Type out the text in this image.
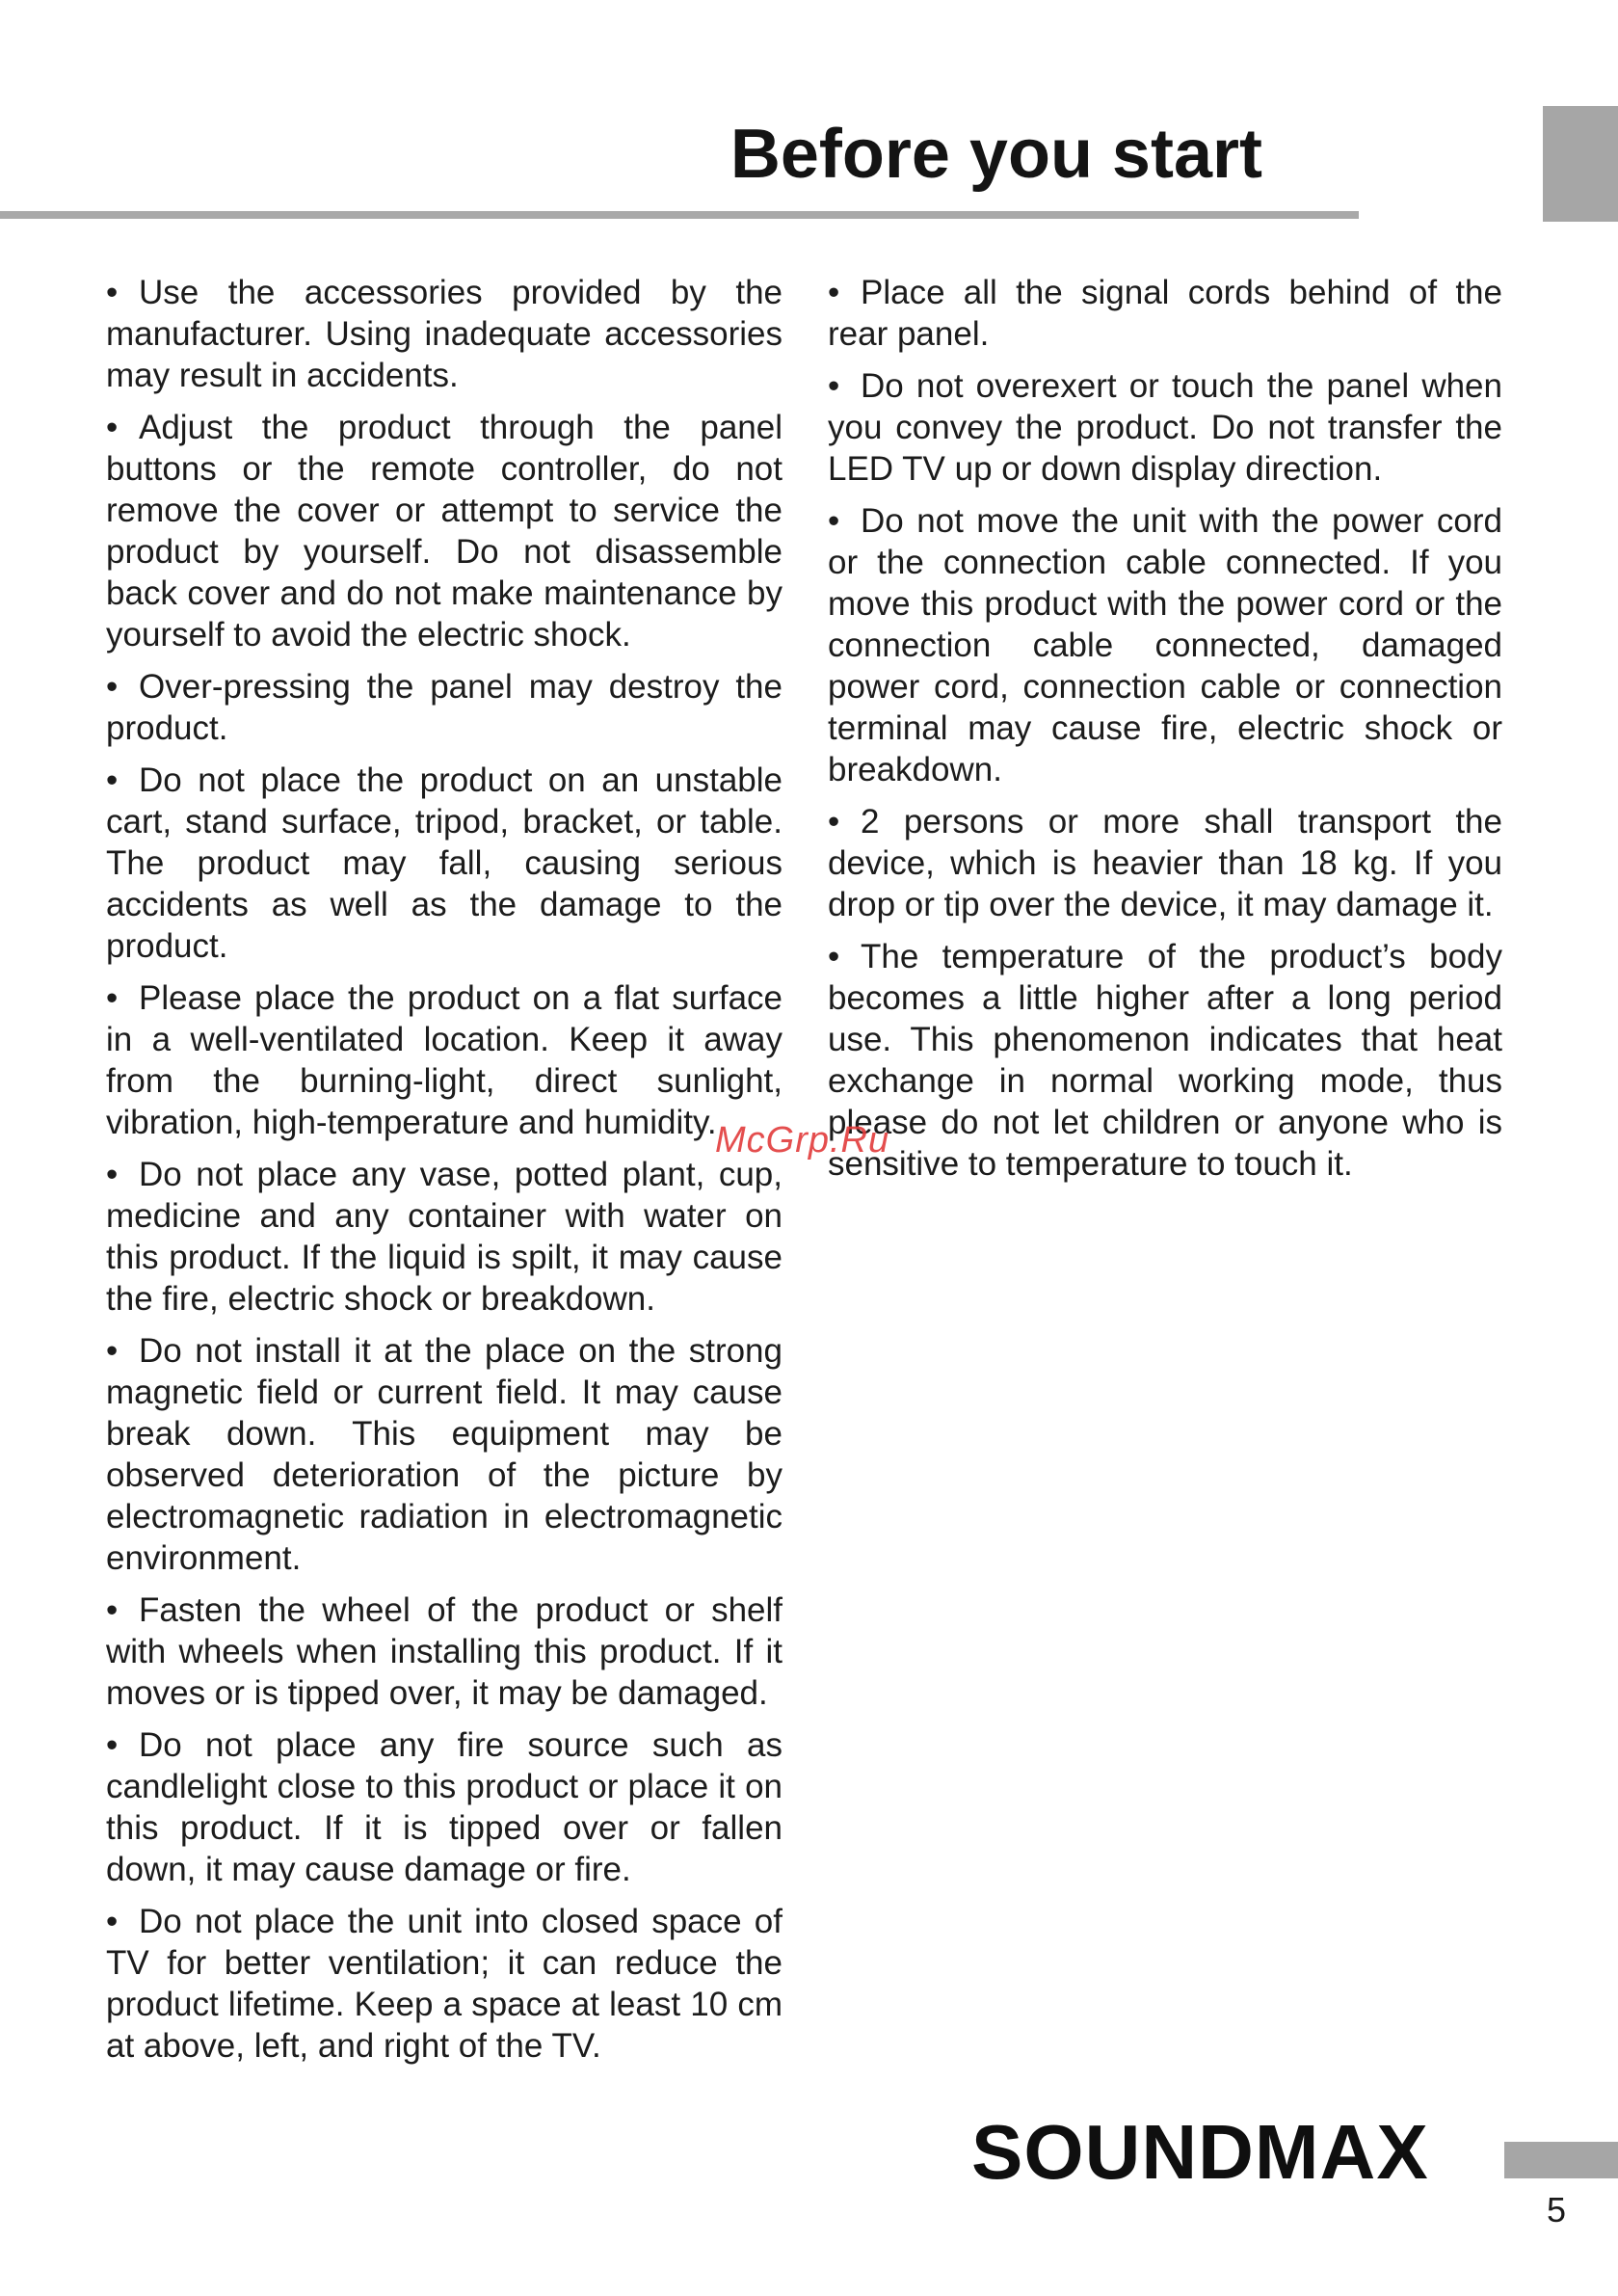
Before you start

• Use the accessories provided by the manufacturer. Using inadequate accessories may result in accidents.

• Adjust the product through the panel buttons or the remote controller, do not remove the cover or attempt to service the product by yourself. Do not disassemble back cover and do not make maintenance by yourself to avoid the electric shock.

• Over-pressing the panel may destroy the product.

• Do not place the product on an unstable cart, stand surface, tripod, bracket, or table. The product may fall, causing serious accidents as well as the damage to the product.

• Please place the product on a flat surface in a well-ventilated location. Keep it away from the burning-light, direct sunlight, vibration, high-temperature and humidity.

• Do not place any vase, potted plant, cup, medicine and any container with water on this product. If the liquid is spilt, it may cause the fire, electric shock or breakdown.

• Do not install it at the place on the strong magnetic field or current field. It may cause break down. This equipment may be observed deterioration of the picture by electromagnetic radiation in electromagnetic environment.

• Fasten the wheel of the product or shelf with wheels when installing this product. If it moves or is tipped over, it may be damaged.

• Do not place any fire source such as candlelight close to this product or place it on this product. If it is tipped over or fallen down, it may cause damage or fire.

• Do not place the unit into closed space of TV for better ventilation; it can reduce the product lifetime. Keep a space at least 10 cm at above, left, and right of the TV.

• Place all the signal cords behind of the rear panel.

• Do not overexert or touch the panel when you convey the product. Do not transfer the LED TV up or down display direction.

• Do not move the unit with the power cord or the connection cable connected. If you move this product with the power cord or the connection cable connected, damaged power cord, connection cable or connection terminal may cause fire, electric shock or breakdown.

• 2 persons or more shall transport the device, which is heavier than 18 kg. If you drop or tip over the device, it may damage it.

• The temperature of the product’s body becomes a little higher after a long period use. This phenomenon indicates that heat exchange in normal working mode, thus please do not let children or anyone who is sensitive to temperature to touch it.

McGrp.Ru
SOUNDMAX
5
